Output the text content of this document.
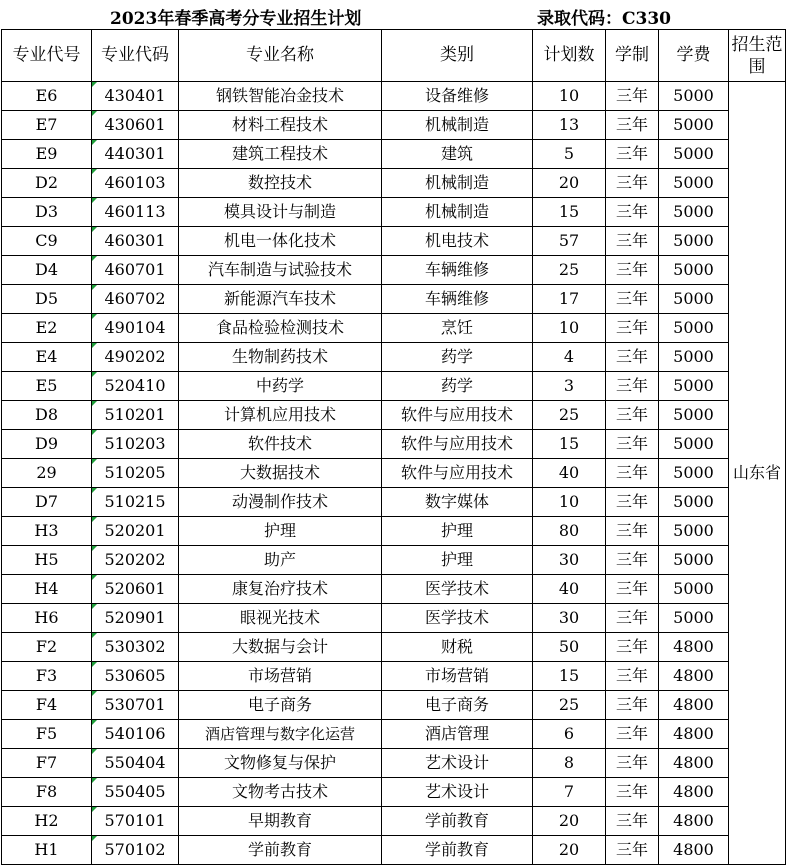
2023年春季高考分专业招生计划	录取代码：C330
专业代号	专业代码	专业名称	类别	计划数	学制	学费	招生范围
E6	430401	钢铁智能冶金技术	设备维修	10	三年	5000	山东省
E7	430601	材料工程技术	机械制造	13	三年	5000	
E9	440301	建筑工程技术	建筑	5	三年	5000	
D2	460103	数控技术	机械制造	20	三年	5000	
D3	460113	模具设计与制造	机械制造	15	三年	5000	
C9	460301	机电一体化技术	机电技术	57	三年	5000	
D4	460701	汽车制造与试验技术	车辆维修	25	三年	5000	
D5	460702	新能源汽车技术	车辆维修	17	三年	5000	
E2	490104	食品检验检测技术	烹饪	10	三年	5000	
E4	490202	生物制药技术	药学	4	三年	5000	
E5	520410	中药学	药学	3	三年	5000	
D8	510201	计算机应用技术	软件与应用技术	25	三年	5000	
D9	510203	软件技术	软件与应用技术	15	三年	5000	
29	510205	大数据技术	软件与应用技术	40	三年	5000	
D7	510215	动漫制作技术	数字媒体	10	三年	5000	
H3	520201	护理	护理	80	三年	5000	
H5	520202	助产	护理	30	三年	5000	
H4	520601	康复治疗技术	医学技术	40	三年	5000	
H6	520901	眼视光技术	医学技术	30	三年	5000	
F2	530302	大数据与会计	财税	50	三年	4800	
F3	530605	市场营销	市场营销	15	三年	4800	
F4	530701	电子商务	电子商务	25	三年	4800	
F5	540106	酒店管理与数字化运营	酒店管理	6	三年	4800	
F7	550404	文物修复与保护	艺术设计	8	三年	4800	
F8	550405	文物考古技术	艺术设计	7	三年	4800	
H2	570101	早期教育	学前教育	20	三年	4800	
H1	570102	学前教育	学前教育	20	三年	4800	
